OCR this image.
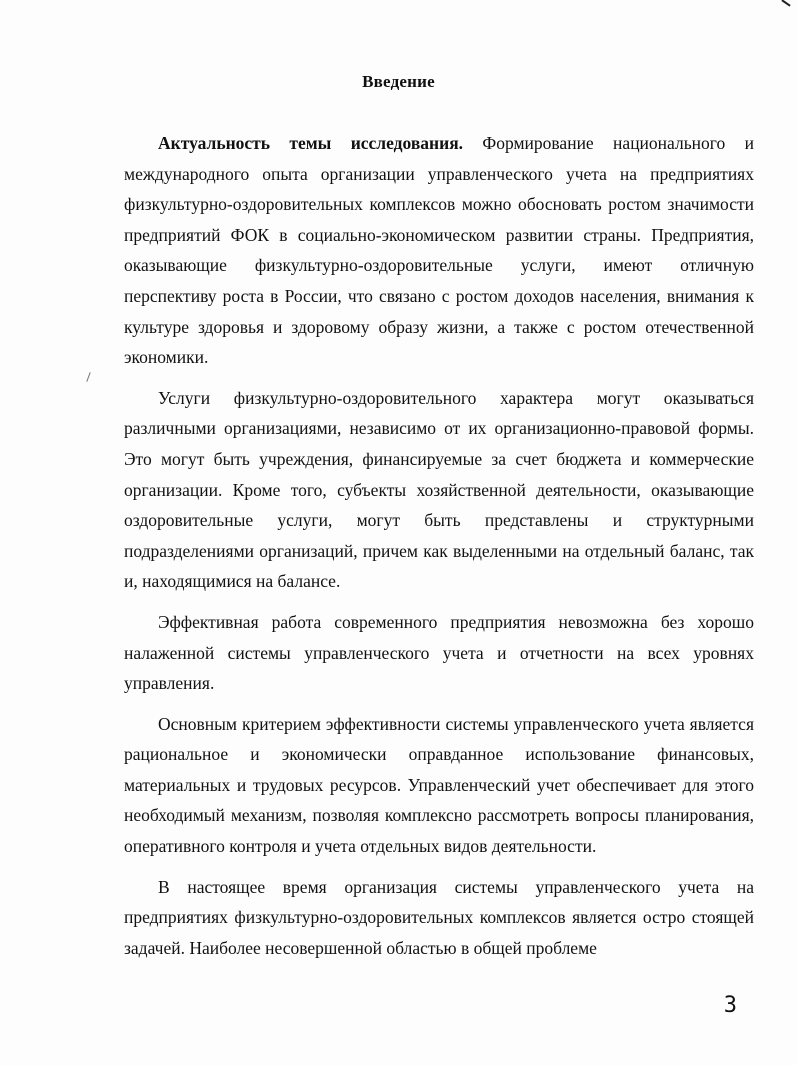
Введение

Актуальность темы исследования. Формирование национального и международного опыта организации управленческого учета на предприятиях физкультурно-оздоровительных комплексов можно обосновать ростом значимости предприятий ФОК в социально-экономическом развитии страны. Предприятия, оказывающие физкультурно-оздоровительные услуги, имеют отличную перспективу роста в России, что связано с ростом доходов населения, внимания к культуре здоровья и здоровому образу жизни, а также с ростом отечественной экономики.

Услуги физкультурно-оздоровительного характера могут оказываться различными организациями, независимо от их организационно-правовой формы. Это могут быть учреждения, финансируемые за счет бюджета и коммерческие организации. Кроме того, субъекты хозяйственной деятельности, оказывающие оздоровительные услуги, могут быть представлены и структурными подразделениями организаций, причем как выделенными на отдельный баланс, так и, находящимися на балансе.

Эффективная работа современного предприятия невозможна без хорошо налаженной системы управленческого учета и отчетности на всех уровнях управления.

Основным критерием эффективности системы управленческого учета является рациональное и экономически оправданное использование финансовых, материальных и трудовых ресурсов. Управленческий учет обеспечивает для этого необходимый механизм, позволяя комплексно рассмотреть вопросы планирования, оперативного контроля и учета отдельных видов деятельности.

В настоящее время организация системы управленческого учета на предприятиях физкультурно-оздоровительных комплексов является остро стоящей задачей. Наиболее несовершенной областью в общей проблеме

3
